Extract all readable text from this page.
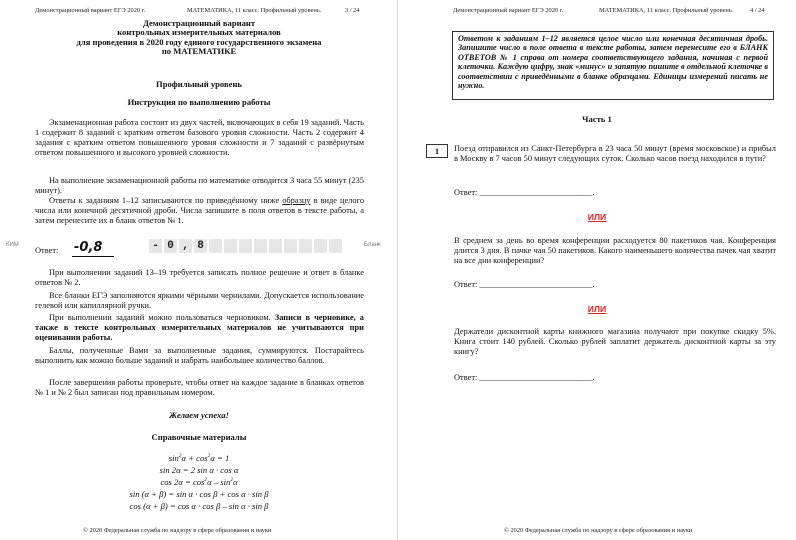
Демонстрационный вариант ЕГЭ 2020 г.	МАТЕМАТИКА, 11 класс. Профильный уровень.	3 / 24
Демонстрационный вариант
контрольных измерительных материалов
для проведения в 2020 году единого государственного экзамена
по МАТЕМАТИКЕ
Профильный уровень
Инструкция по выполнению работы
Экзаменационная работа состоит из двух частей, включающих в себя 19 заданий. Часть 1 содержит 8 заданий с кратким ответом базового уровня сложности. Часть 2 содержит 4 задания с кратким ответом повышенного уровня сложности и 7 заданий с развёрнутым ответом повышенного и высокого уровней сложности.
На выполнение экзаменационной работы по математике отводится 3 часа 55 минут (235 минут).
Ответы к заданиям 1–12 записываются по приведённому ниже образцу в виде целого числа или конечной десятичной дроби. Числа запишите в поля ответов в тексте работы, а затем перенесите их в бланк ответов № 1.
КИМ	Бланк
Ответ:	-0,8	- 0 , 8
При выполнении заданий 13–19 требуется записать полное решение и ответ в бланке ответов № 2.
Все бланки ЕГЭ заполняются яркими чёрными чернилами. Допускается использование гелевой или капиллярной ручки.
При выполнении заданий можно пользоваться черновиком. Записи в черновике, а также в тексте контрольных измерительных материалов не учитываются при оценивании работы.
Баллы, полученные Вами за выполненные задания, суммируются. Постарайтесь выполнить как можно больше заданий и набрать наибольшее количество баллов.
После завершения работы проверьте, чтобы ответ на каждое задание в бланках ответов № 1 и № 2 был записан под правильным номером.
Желаем успеха!
Справочные материалы
$\sin^2\alpha + \cos^2\alpha = 1$
sin 2α = 2 sin α · cos α
$\cos 2\alpha = \cos^2\alpha - \sin^2\alpha$
sin (α + β) = sin α · cos β + cos α · sin β
cos (α + β) = cos α · cos β – sin α · sin β
© 2020 Федеральная служба по надзору в сфере образования и науки
Демонстрационный вариант ЕГЭ 2020 г.	МАТЕМАТИКА, 11 класс. Профильный уровень.	4 / 24
Ответом к заданиям 1–12 является целое число или конечная десятичная дробь. Запишите число в поле ответа в тексте работы, затем перенесите его в БЛАНК ОТВЕТОВ № 1 справа от номера соответствующего задания, начиная с первой клеточки. Каждую цифру, знак «минус» и запятую пишите в отдельной клеточке в соответствии с приведёнными в бланке образцами. Единицы измерений писать не нужно.
Часть 1
1	Поезд отправился из Санкт-Петербурга в 23 часа 50 минут (время московское) и прибыл в Москву в 7 часов 50 минут следующих суток. Сколько часов поезд находился в пути?
Ответ: ___________________________.
ИЛИ
В среднем за день во время конференции расходуется 80 пакетиков чая. Конференция длится 3 дня. В пачке чая 50 пакетиков. Какого наименьшего количества пачек чая хватит на все дни конференции?
Ответ: ___________________________.
ИЛИ
Держатели дисконтной карты книжного магазина получают при покупке скидку 5%. Книга стоит 140 рублей. Сколько рублей заплатит держатель дисконтной карты за эту книгу?
Ответ: ___________________________.
© 2020 Федеральная служба по надзору в сфере образования и науки
